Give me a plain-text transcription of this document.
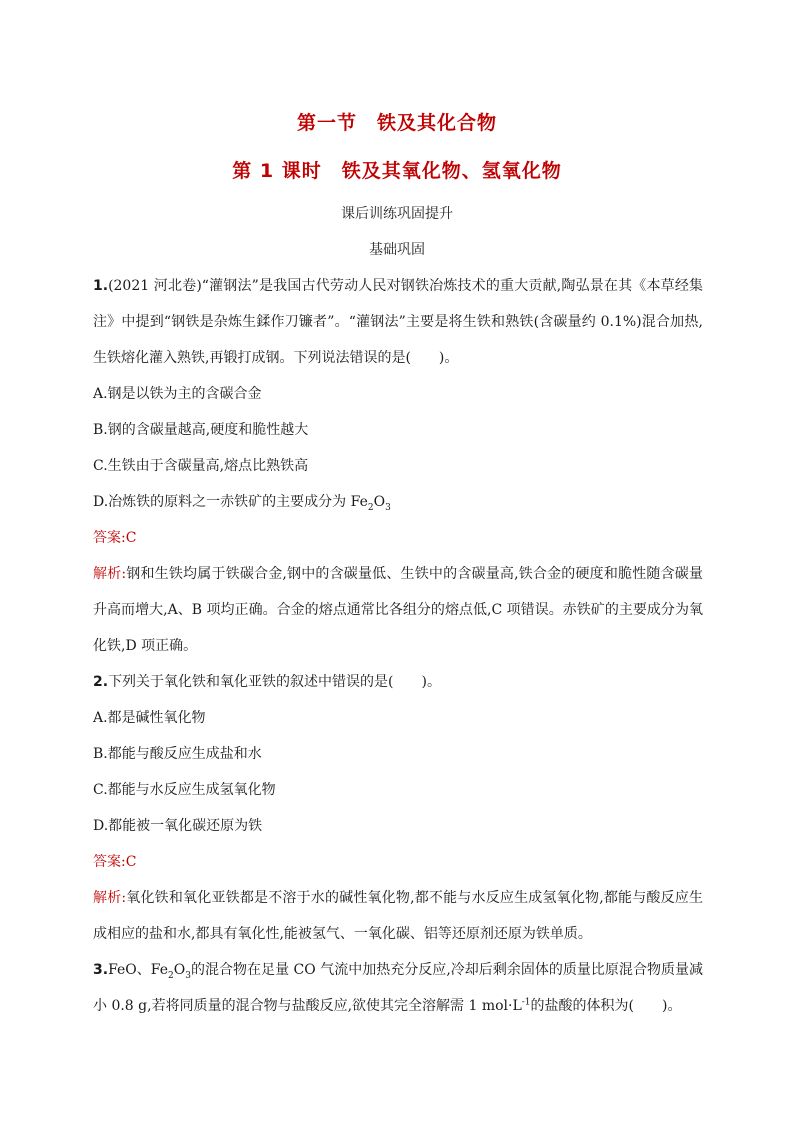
第一节　铁及其化合物
第 1 课时　铁及其氧化物、氢氧化物
课后训练巩固提升
基础巩固

1.(2021 河北卷)“灌钢法”是我国古代劳动人民对钢铁冶炼技术的重大贡献,陶弘景在其《本草经集注》中提到“钢铁是杂炼生鍒作刀镰者”。“灌钢法”主要是将生铁和熟铁(含碳量约 0.1%)混合加热,生铁熔化灌入熟铁,再锻打成钢。下列说法错误的是(　　)。

A.钢是以铁为主的含碳合金

B.钢的含碳量越高,硬度和脆性越大

C.生铁由于含碳量高,熔点比熟铁高

D.冶炼铁的原料之一赤铁矿的主要成分为 $Fe_2O_3$

答案:C

解析:钢和生铁均属于铁碳合金,钢中的含碳量低、生铁中的含碳量高,铁合金的硬度和脆性随含碳量升高而增大,A、B 项均正确。合金的熔点通常比各组分的熔点低,C 项错误。赤铁矿的主要成分为氧化铁,D 项正确。

2.下列关于氧化铁和氧化亚铁的叙述中错误的是(　　)。

A.都是碱性氧化物

B.都能与酸反应生成盐和水

C.都能与水反应生成氢氧化物

D.都能被一氧化碳还原为铁

答案:C

解析:氧化铁和氧化亚铁都是不溶于水的碱性氧化物,都不能与水反应生成氢氧化物,都能与酸反应生成相应的盐和水,都具有氧化性,能被氢气、一氧化碳、铝等还原剂还原为铁单质。

3.FeO、$Fe_2O_3$的混合物在足量 CO 气流中加热充分反应,冷却后剩余固体的质量比原混合物质量减小 0.8 g,若将同质量的混合物与盐酸反应,欲使其完全溶解需 1 $mol\cdot L^{-1}$的盐酸的体积为(　　)。
